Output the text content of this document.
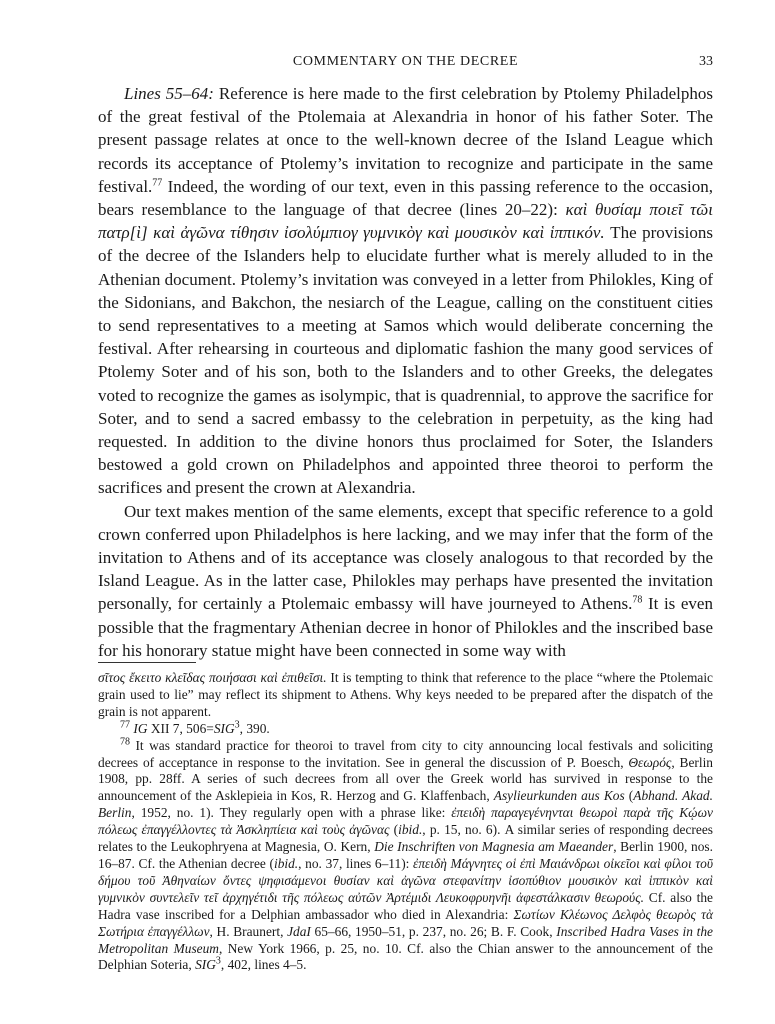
COMMENTARY ON THE DECREE	33

Lines 55–64: Reference is here made to the first celebration by Ptolemy Philadelphos of the great festival of the Ptolemaia at Alexandria in honor of his father Soter. The present passage relates at once to the well-known decree of the Island League which records its acceptance of Ptolemy’s invitation to recognize and participate in the same festival.$^{77}$ Indeed, the wording of our text, even in this passing reference to the occasion, bears resemblance to the language of that decree (lines 20–22): καὶ θυσίαμ ποιεῖ τῶι πατρ[ὶ] καὶ ἀγῶνα τίθησιν ἰσολύμπιογ γυμνικὸγ καὶ μουσικὸν καὶ ἱππικόν. The provisions of the decree of the Islanders help to elucidate further what is merely alluded to in the Athenian document. Ptolemy’s invitation was conveyed in a letter from Philokles, King of the Sidonians, and Bakchon, the nesiarch of the League, calling on the constituent cities to send representatives to a meeting at Samos which would deliberate concerning the festival. After rehearsing in courteous and diplomatic fashion the many good services of Ptolemy Soter and of his son, both to the Islanders and to other Greeks, the delegates voted to recognize the games as isolympic, that is quadrennial, to approve the sacrifice for Soter, and to send a sacred embassy to the celebration in perpetuity, as the king had requested. In addition to the divine honors thus proclaimed for Soter, the Islanders bestowed a gold crown on Philadelphos and appointed three theoroi to perform the sacrifices and present the crown at Alexandria.

Our text makes mention of the same elements, except that specific reference to a gold crown conferred upon Philadelphos is here lacking, and we may infer that the form of the invitation to Athens and of its acceptance was closely analogous to that recorded by the Island League. As in the latter case, Philokles may perhaps have presented the invitation personally, for certainly a Ptolemaic embassy will have journeyed to Athens.$^{78}$ It is even possible that the fragmentary Athenian decree in honor of Philokles and the inscribed base for his honorary statue might have been connected in some way with

σῖτος ἔκειτο κλεῖδας ποιήσασι καὶ ἐπιθεῖσι. It is tempting to think that reference to the place “where the Ptolemaic grain used to lie” may reflect its shipment to Athens. Why keys needed to be prepared after the dispatch of the grain is not apparent.

$^{77}$ IG XII 7, $506=SIG^3$, 390.

$^{78}$ It was standard practice for theoroi to travel from city to city announcing local festivals and soliciting decrees of acceptance in response to the invitation. See in general the discussion of P. Boesch, Θεωρός, Berlin 1908, pp. 28ff. A series of such decrees from all over the Greek world has survived in response to the announcement of the Asklepieia in Kos, R. Herzog and G. Klaffenbach, Asylieurkunden aus Kos (Abhand. Akad. Berlin, 1952, no. 1). They regularly open with a phrase like: ἐπειδὴ παραγεγένηνται θεωροὶ παρὰ τῆς Κῴων πόλεως ἐπαγγέλλοντες τὰ Ἀσκληπίεια καὶ τοὺς ἀγῶνας (ibid., p. 15, no. 6). A similar series of responding decrees relates to the Leukophryena at Magnesia, O. Kern, Die Inschriften von Magnesia am Maeander, Berlin 1900, nos. 16–87. Cf. the Athenian decree (ibid., no. 37, lines 6–11): ἐπειδὴ Μάγνητες οἱ ἐπὶ Μαιάνδρωι οἰκεῖοι καὶ φίλοι τοῦ δήμου τοῦ Ἀθηναίων ὄντες ψηφισάμενοι θυσίαν καὶ ἀγῶνα στεφανίτην ἰσοπύθιον μουσικὸν καὶ ἱππικὸν καὶ γυμνικὸν συντελεῖν τεῖ ἀρχηγέτιδι τῆς πόλεως αὐτῶν Ἀρτέμιδι Λευκοφρυηνῆι ἀφεστάλκασιν θεωρούς. Cf. also the Hadra vase inscribed for a Delphian ambassador who died in Alexandria: Σωτίων Κλέωνος Δελφὸς θεωρὸς τὰ Σωτήρια ἐπαγγέλλων, H. Braunert, JdaI 65–66, 1950–51, p. 237, no. 26; B. F. Cook, Inscribed Hadra Vases in the Metropolitan Museum, New York 1966, p. 25, no. 10. Cf. also the Chian answer to the announcement of the Delphian Soteria, SIG$^3$, 402, lines 4–5.
